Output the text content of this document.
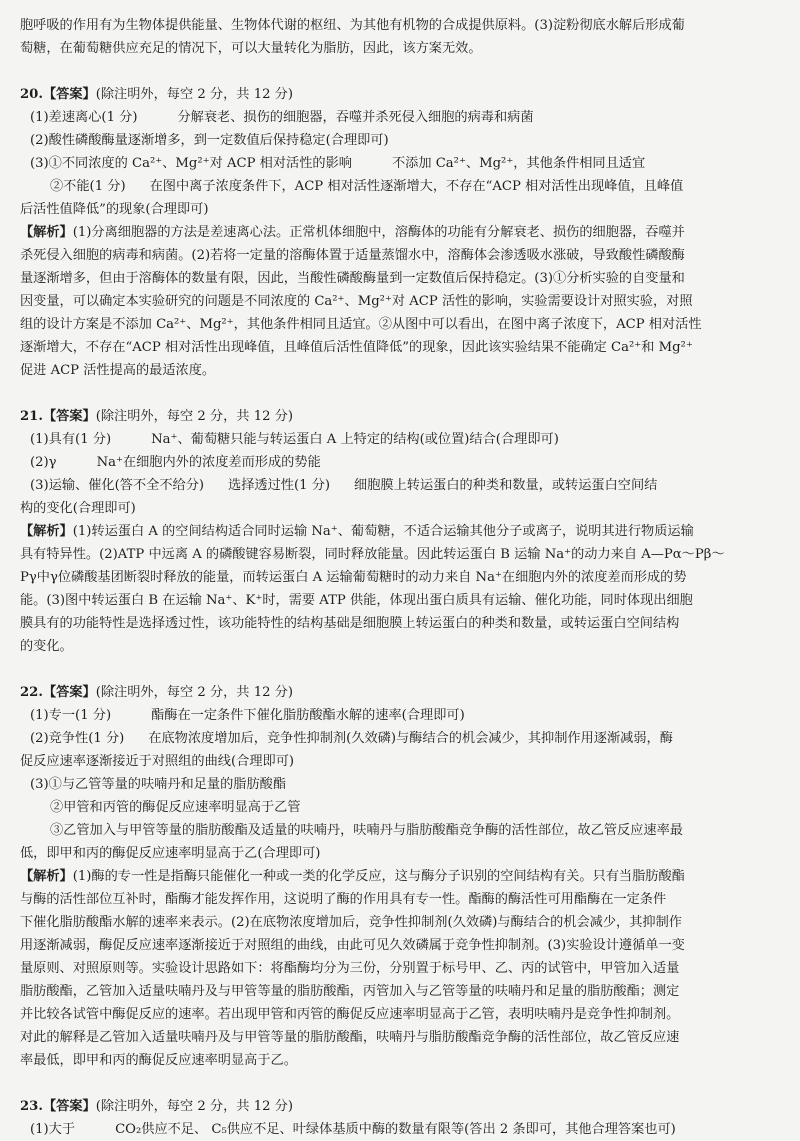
胞呼吸的作用有为生物体提供能量、生物体代谢的枢纽、为其他有机物的合成提供原料。(3)淀粉彻底水解后形成葡

萄糖，在葡萄糖供应充足的情况下，可以大量转化为脂肪，因此，该方案无效。

20.【答案】(除注明外，每空 2 分，共 12 分)

(1)差速离心(1 分)	分解衰老、损伤的细胞器，吞噬并杀死侵入细胞的病毒和病菌

(2)酸性磷酸酶量逐渐增多，到一定数值后保持稳定(合理即可)

(3)①不同浓度的 Ca²⁺、Mg²⁺对 ACP 相对活性的影响	不添加 Ca²⁺、Mg²⁺，其他条件相同且适宜

②不能(1 分) 在图中离子浓度条件下，ACP 相对活性逐渐增大，不存在“ACP 相对活性出现峰值，且峰值

后活性值降低”的现象(合理即可)

【解析】(1)分离细胞器的方法是差速离心法。正常机体细胞中，溶酶体的功能有分解衰老、损伤的细胞器，吞噬并

杀死侵入细胞的病毒和病菌。(2)若将一定量的溶酶体置于适量蒸馏水中，溶酶体会渗透吸水涨破，导致酸性磷酸酶

量逐渐增多，但由于溶酶体的数量有限，因此，当酸性磷酸酶量到一定数值后保持稳定。(3)①分析实验的自变量和

因变量，可以确定本实验研究的问题是不同浓度的 Ca²⁺、Mg²⁺对 ACP 活性的影响，实验需要设计对照实验，对照

组的设计方案是不添加 Ca²⁺、Mg²⁺，其他条件相同且适宜。②从图中可以看出，在图中离子浓度下，ACP 相对活性

逐渐增大，不存在“ACP 相对活性出现峰值，且峰值后活性值降低”的现象，因此该实验结果不能确定 Ca²⁺和 Mg²⁺

促进 ACP 活性提高的最适浓度。

21.【答案】(除注明外，每空 2 分，共 12 分)

(1)具有(1 分)	Na⁺、葡萄糖只能与转运蛋白 A 上特定的结构(或位置)结合(合理即可)

(2)γ	Na⁺在细胞内外的浓度差而形成的势能

(3)运输、催化(答不全不给分) 选择透过性(1 分) 细胞膜上转运蛋白的种类和数量，或转运蛋白空间结

构的变化(合理即可)

【解析】(1)转运蛋白 A 的空间结构适合同时运输 Na⁺、葡萄糖，不适合运输其他分子或离子，说明其进行物质运输

具有特异性。(2)ATP 中远离 A 的磷酸键容易断裂，同时释放能量。因此转运蛋白 B 运输 Na⁺的动力来自 A—Pα～Pβ～

Pγ中γ位磷酸基团断裂时释放的能量，而转运蛋白 A 运输葡萄糖时的动力来自 Na⁺在细胞内外的浓度差而形成的势

能。(3)图中转运蛋白 B 在运输 Na⁺、K⁺时，需要 ATP 供能，体现出蛋白质具有运输、催化功能，同时体现出细胞

膜具有的功能特性是选择透过性，该功能特性的结构基础是细胞膜上转运蛋白的种类和数量，或转运蛋白空间结构

的变化。

22.【答案】(除注明外，每空 2 分，共 12 分)

(1)专一(1 分)	酯酶在一定条件下催化脂肪酸酯水解的速率(合理即可)

(2)竞争性(1 分) 在底物浓度增加后，竞争性抑制剂(久效磷)与酶结合的机会减少，其抑制作用逐渐减弱，酶

促反应速率逐渐接近于对照组的曲线(合理即可)

(3)①与乙管等量的呋喃丹和足量的脂肪酸酯

②甲管和丙管的酶促反应速率明显高于乙管

③乙管加入与甲管等量的脂肪酸酯及适量的呋喃丹，呋喃丹与脂肪酸酯竞争酶的活性部位，故乙管反应速率最

低，即甲和丙的酶促反应速率明显高于乙(合理即可)

【解析】(1)酶的专一性是指酶只能催化一种或一类的化学反应，这与酶分子识别的空间结构有关。只有当脂肪酸酯

与酶的活性部位互补时，酯酶才能发挥作用，这说明了酶的作用具有专一性。酯酶的酶活性可用酯酶在一定条件

下催化脂肪酸酯水解的速率来表示。(2)在底物浓度增加后，竞争性抑制剂(久效磷)与酶结合的机会减少，其抑制作

用逐渐减弱，酶促反应速率逐渐接近于对照组的曲线，由此可见久效磷属于竞争性抑制剂。(3)实验设计遵循单一变

量原则、对照原则等。实验设计思路如下：将酯酶均分为三份，分别置于标号甲、乙、丙的试管中，甲管加入适量

脂肪酸酯，乙管加入适量呋喃丹及与甲管等量的脂肪酸酯，丙管加入与乙管等量的呋喃丹和足量的脂肪酸酯；测定

并比较各试管中酶促反应的速率。若出现甲管和丙管的酶促反应速率明显高于乙管，表明呋喃丹是竞争性抑制剂。

对此的解释是乙管加入适量呋喃丹及与甲管等量的脂肪酸酯，呋喃丹与脂肪酸酯竞争酶的活性部位，故乙管反应速

率最低，即甲和丙的酶促反应速率明显高于乙。

23.【答案】(除注明外，每空 2 分，共 12 分)

(1)大于	CO₂供应不足、 C₅供应不足、叶绿体基质中酶的数量有限等(答出 2 条即可，其他合理答案也可)
